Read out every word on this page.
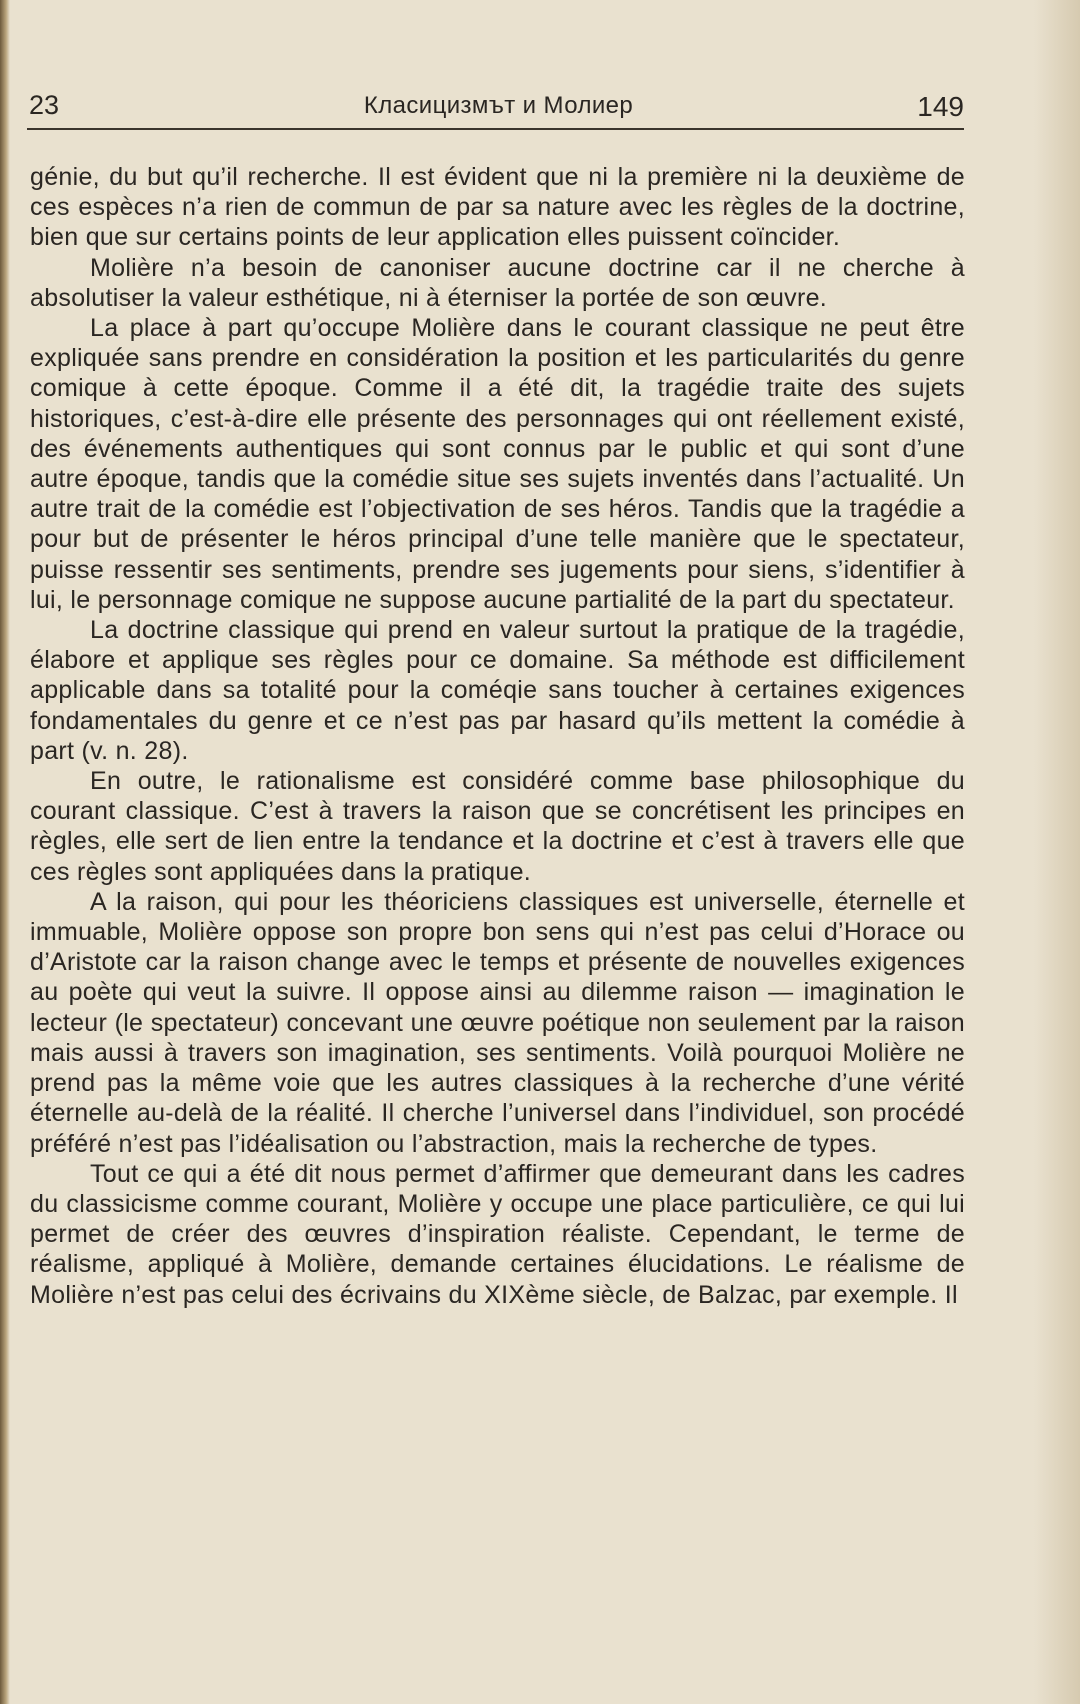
23	Класицизмът и Молиер	149

génie, du but qu’il recherche. Il est évident que ni la première ni la deuxième de ces espèces n’a rien de commun de par sa nature avec les règles de la doctrine, bien que sur certains points de leur application elles puissent coïncider.

Molière n’a besoin de canoniser aucune doctrine car il ne cherche à absolutiser la valeur esthétique, ni à éterniser la portée de son œuvre.

La place à part qu’occupe Molière dans le courant classique ne peut être expliquée sans prendre en considération la position et les particularités du genre comique à cette époque. Comme il a été dit, la tragédie traite des sujets historiques, c’est-à-dire elle présente des personnages qui ont réellement existé, des événements authentiques qui sont connus par le public et qui sont d’une autre époque, tandis que la comédie situe ses sujets inventés dans l’actualité. Un autre trait de la comédie est l’objectivation de ses héros. Tandis que la tragédie a pour but de présenter le héros principal d’une telle manière que le spectateur, puisse ressentir ses sentiments, prendre ses jugements pour siens, s’identifier à lui, le personnage comique ne suppose aucune partialité de la part du spectateur.

La doctrine classique qui prend en valeur surtout la pratique de la tragédie, élabore et applique ses règles pour ce domaine. Sa méthode est difficilement applicable dans sa totalité pour la coméqie sans toucher à certaines exigences fondamentales du genre et ce n’est pas par hasard qu’ils mettent la comédie à part (v. n. 28).

En outre, le rationalisme est considéré comme base philosophique du courant classique. C’est à travers la raison que se concrétisent les principes en règles, elle sert de lien entre la tendance et la doctrine et c’est à travers elle que ces règles sont appliquées dans la pratique.

A la raison, qui pour les théoriciens classiques est universelle, éternelle et immuable, Molière oppose son propre bon sens qui n’est pas celui d’Horace ou d’Aristote car la raison change avec le temps et présente de nouvelles exigences au poète qui veut la suivre. Il oppose ainsi au dilemme raison — imagination le lecteur (le spectateur) concevant une œuvre poétique non seulement par la raison mais aussi à travers son imagination, ses sentiments. Voilà pourquoi Molière ne prend pas la même voie que les autres classiques à la recherche d’une vérité éternelle au-delà de la réalité. Il cherche l’universel dans l’individuel, son procédé préféré n’est pas l’idéalisation ou l’abstraction, mais la recherche de types.

Tout ce qui a été dit nous permet d’affirmer que demeurant dans les cadres du classicisme comme courant, Molière y occupe une place particulière, ce qui lui permet de créer des œuvres d’inspiration réaliste. Cependant, le terme de réalisme, appliqué à Molière, demande certaines élucidations. Le réalisme de Molière n’est pas celui des écrivains du XIXème siècle, de Balzac, par exemple. Il
